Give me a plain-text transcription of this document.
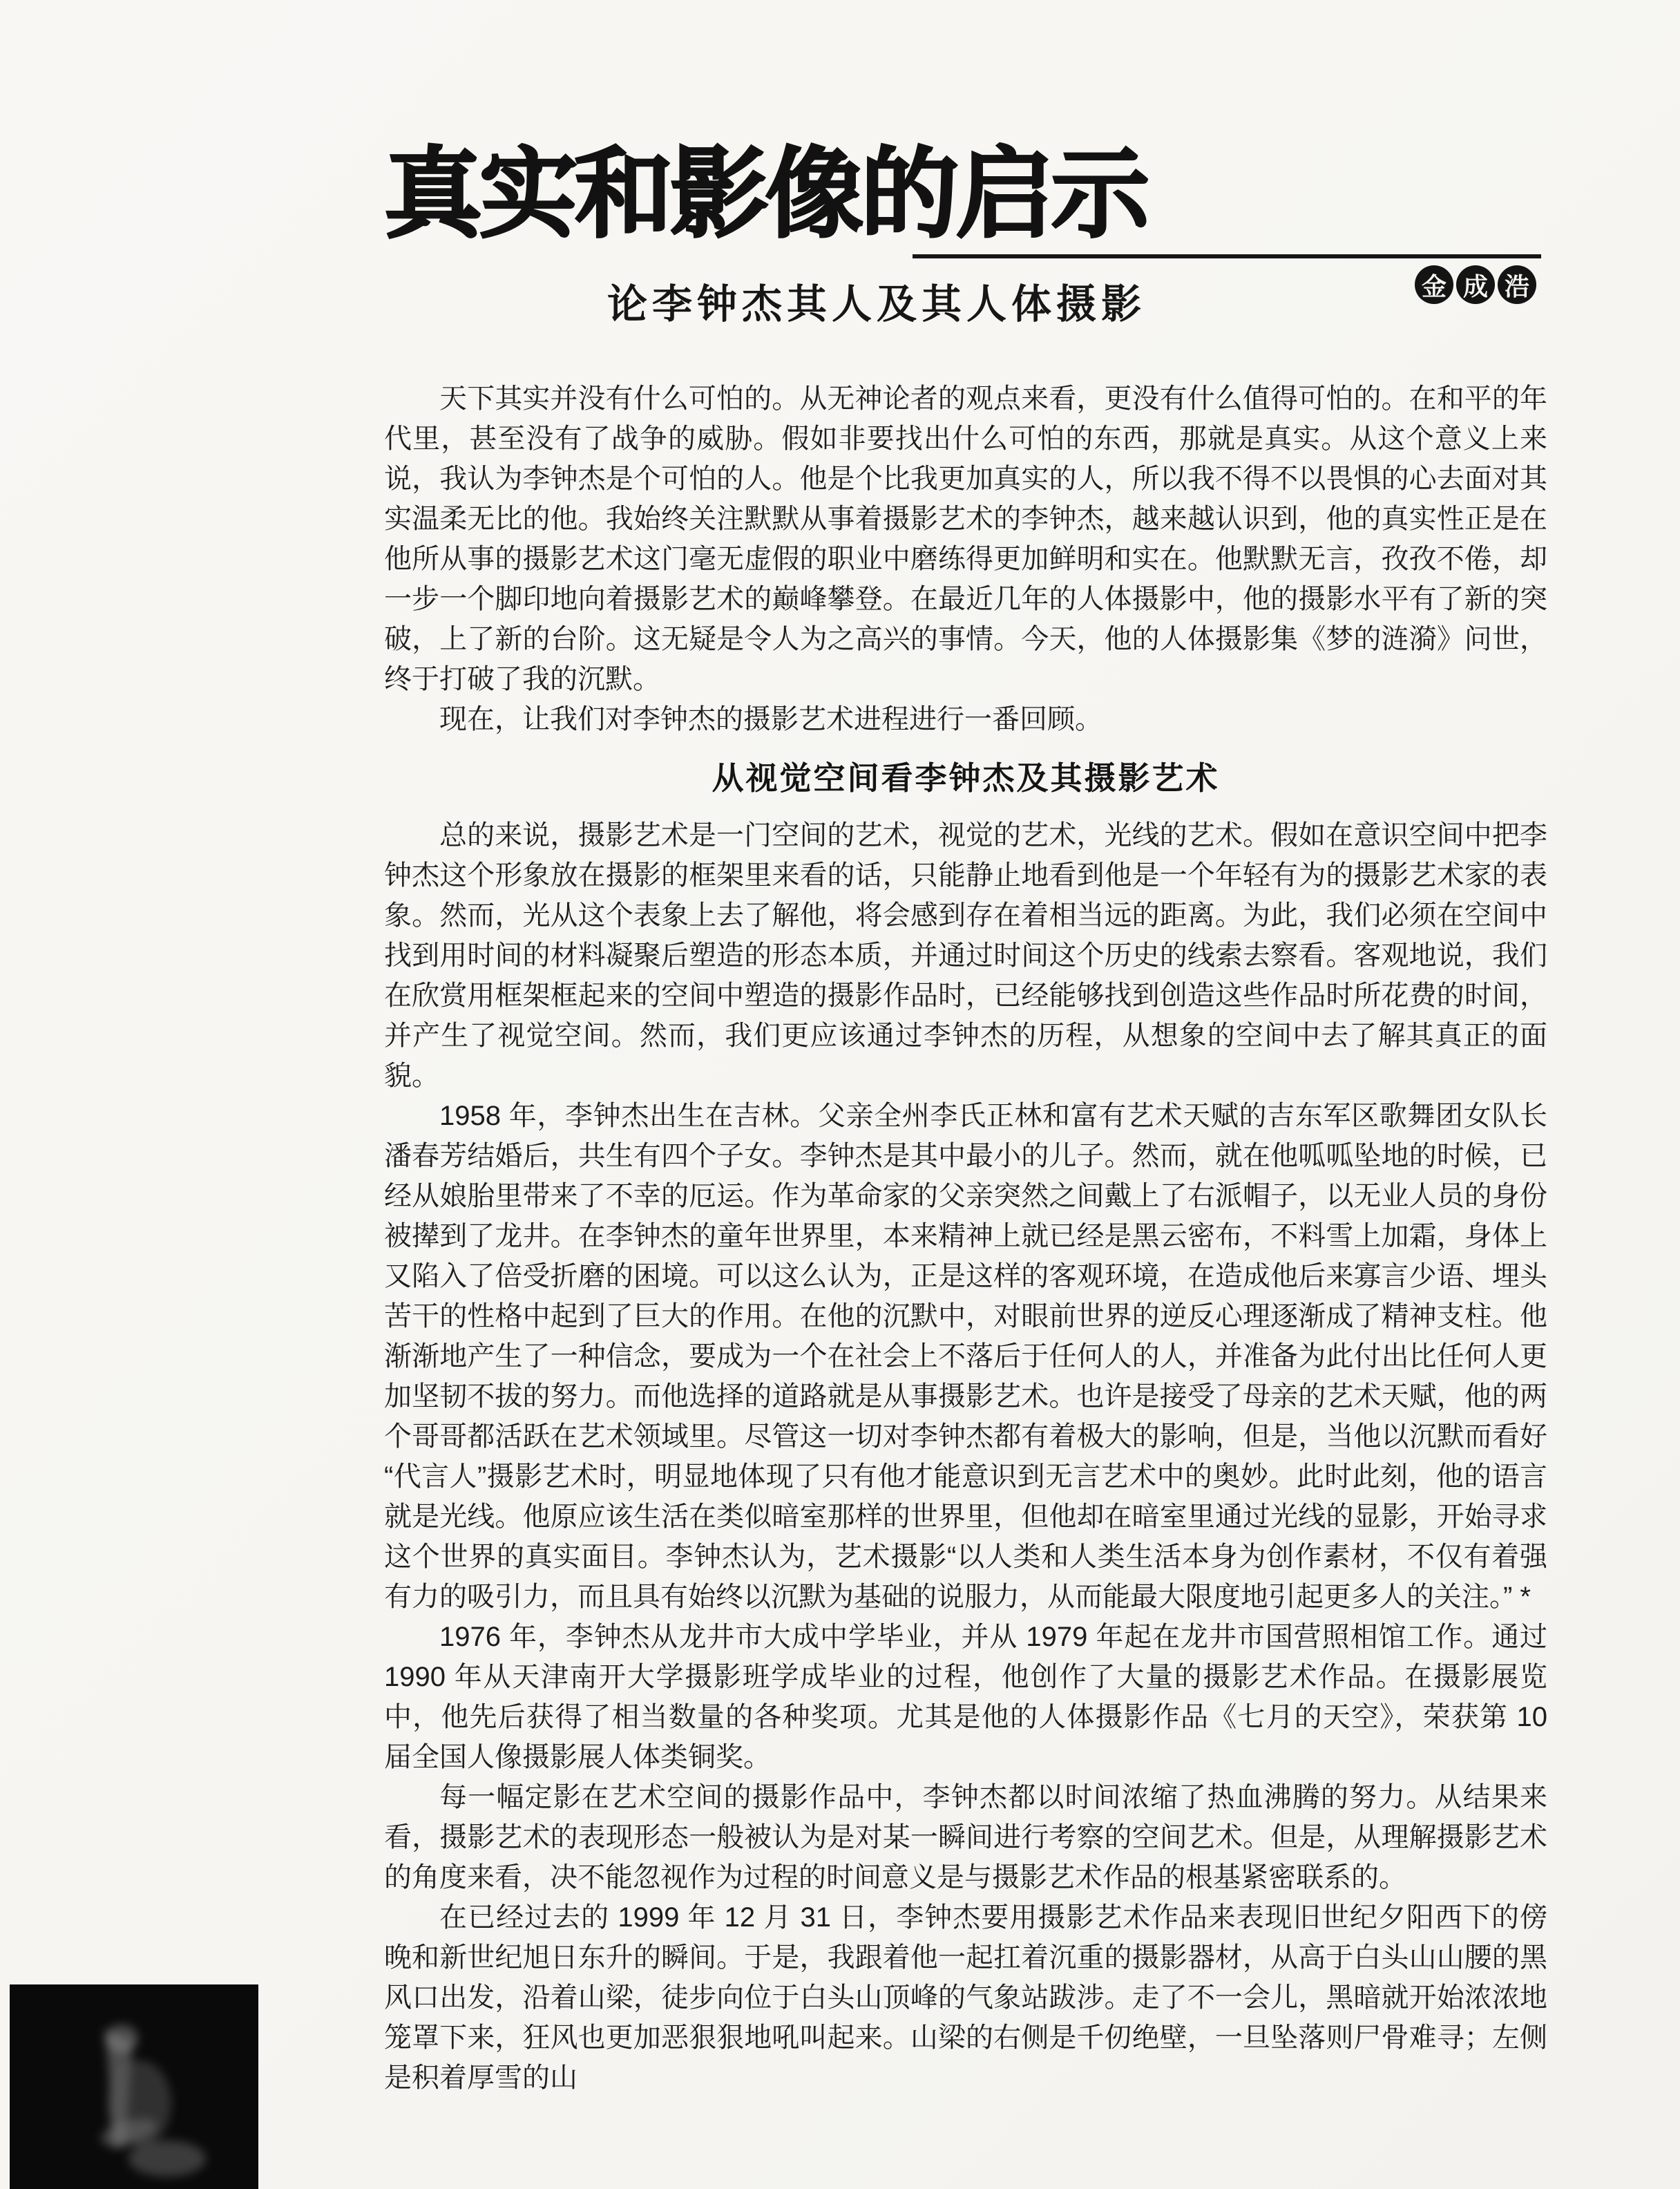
真实和影像的启示

论李钟杰其人及其人体摄影	金 成 浩

天下其实并没有什么可怕的。从无神论者的观点来看，更没有什么值得可怕的。在和平的年代里，甚至没有了战争的威胁。假如非要找出什么可怕的东西，那就是真实。从这个意义上来说，我认为李钟杰是个可怕的人。他是个比我更加真实的人，所以我不得不以畏惧的心去面对其实温柔无比的他。我始终关注默默从事着摄影艺术的李钟杰，越来越认识到，他的真实性正是在他所从事的摄影艺术这门毫无虚假的职业中磨练得更加鲜明和实在。他默默无言，孜孜不倦，却一步一个脚印地向着摄影艺术的巅峰攀登。在最近几年的人体摄影中，他的摄影水平有了新的突破，上了新的台阶。这无疑是令人为之高兴的事情。今天，他的人体摄影集《梦的涟漪》问世，终于打破了我的沉默。

现在，让我们对李钟杰的摄影艺术进程进行一番回顾。

从视觉空间看李钟杰及其摄影艺术

总的来说，摄影艺术是一门空间的艺术，视觉的艺术，光线的艺术。假如在意识空间中把李钟杰这个形象放在摄影的框架里来看的话，只能静止地看到他是一个年轻有为的摄影艺术家的表象。然而，光从这个表象上去了解他，将会感到存在着相当远的距离。为此，我们必须在空间中找到用时间的材料凝聚后塑造的形态本质，并通过时间这个历史的线索去察看。客观地说，我们在欣赏用框架框起来的空间中塑造的摄影作品时，已经能够找到创造这些作品时所花费的时间，并产生了视觉空间。然而，我们更应该通过李钟杰的历程，从想象的空间中去了解其真正的面貌。

1958 年，李钟杰出生在吉林。父亲全州李氏正林和富有艺术天赋的吉东军区歌舞团女队长潘春芳结婚后，共生有四个子女。李钟杰是其中最小的儿子。然而，就在他呱呱坠地的时候，已经从娘胎里带来了不幸的厄运。作为革命家的父亲突然之间戴上了右派帽子，以无业人员的身份被撵到了龙井。在李钟杰的童年世界里，本来精神上就已经是黑云密布，不料雪上加霜，身体上又陷入了倍受折磨的困境。可以这么认为，正是这样的客观环境，在造成他后来寡言少语、埋头苦干的性格中起到了巨大的作用。在他的沉默中，对眼前世界的逆反心理逐渐成了精神支柱。他渐渐地产生了一种信念，要成为一个在社会上不落后于任何人的人，并准备为此付出比任何人更加坚韧不拔的努力。而他选择的道路就是从事摄影艺术。也许是接受了母亲的艺术天赋，他的两个哥哥都活跃在艺术领域里。尽管这一切对李钟杰都有着极大的影响，但是，当他以沉默而看好“代言人”摄影艺术时，明显地体现了只有他才能意识到无言艺术中的奥妙。此时此刻，他的语言就是光线。他原应该生活在类似暗室那样的世界里，但他却在暗室里通过光线的显影，开始寻求这个世界的真实面目。李钟杰认为，艺术摄影“以人类和人类生活本身为创作素材，不仅有着强有力的吸引力，而且具有始终以沉默为基础的说服力，从而能最大限度地引起更多人的关注。” *

1976 年，李钟杰从龙井市大成中学毕业，并从 1979 年起在龙井市国营照相馆工作。通过 1990 年从天津南开大学摄影班学成毕业的过程，他创作了大量的摄影艺术作品。在摄影展览中，他先后获得了相当数量的各种奖项。尤其是他的人体摄影作品《七月的天空》，荣获第 10 届全国人像摄影展人体类铜奖。

每一幅定影在艺术空间的摄影作品中，李钟杰都以时间浓缩了热血沸腾的努力。从结果来看，摄影艺术的表现形态一般被认为是对某一瞬间进行考察的空间艺术。但是，从理解摄影艺术的角度来看，决不能忽视作为过程的时间意义是与摄影艺术作品的根基紧密联系的。

在已经过去的 1999 年 12 月 31 日，李钟杰要用摄影艺术作品来表现旧世纪夕阳西下的傍晚和新世纪旭日东升的瞬间。于是，我跟着他一起扛着沉重的摄影器材，从高于白头山山腰的黑风口出发，沿着山梁，徒步向位于白头山顶峰的气象站跋涉。走了不一会儿，黑暗就开始浓浓地笼罩下来，狂风也更加恶狠狠地吼叫起来。山梁的右侧是千仞绝壁，一旦坠落则尸骨难寻；左侧是积着厚雪的山
